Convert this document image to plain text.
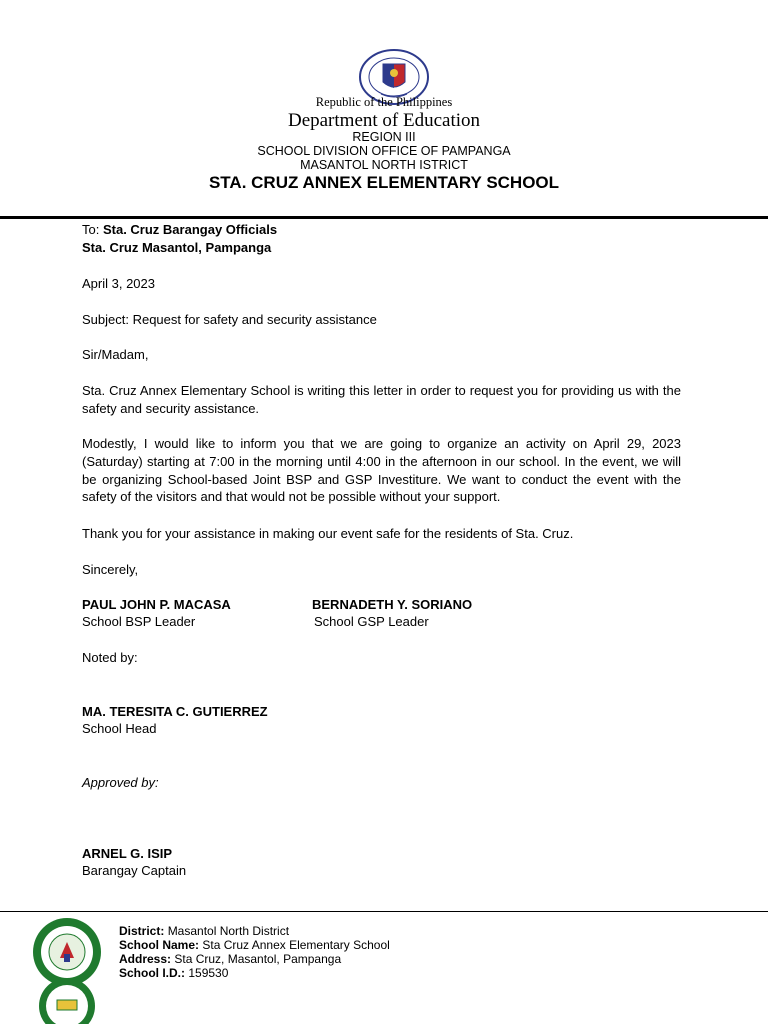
Republic of the Philippines
Department of Education
REGION III
SCHOOL DIVISION OFFICE OF PAMPANGA
MASANTOL NORTH ISTRICT
STA. CRUZ ANNEX ELEMENTARY SCHOOL
To: Sta. Cruz Barangay Officials
Sta. Cruz Masantol, Pampanga
April 3, 2023
Subject: Request for safety and security assistance
Sir/Madam,
Sta. Cruz Annex Elementary School is writing this letter in order to request you for providing us with the safety and security assistance.
Modestly, I would like to inform you that we are going to organize an activity on April 29, 2023 (Saturday) starting at 7:00 in the morning until 4:00 in the afternoon in our school. In the event, we will be organizing School-based Joint BSP and GSP Investiture. We want to conduct the event with the safety of the visitors and that would not be possible without your support.
Thank you for your assistance in making our event safe for the residents of Sta. Cruz.
Sincerely,
PAUL JOHN P. MACASA
School BSP Leader
BERNADETH Y. SORIANO
School GSP Leader
Noted by:
MA. TERESITA C. GUTIERREZ
School Head
Approved by:
ARNEL G. ISIP
Barangay Captain
District: Masantol North District
School Name: Sta Cruz Annex Elementary School
Address: Sta Cruz, Masantol, Pampanga
School I.D.: 159530
